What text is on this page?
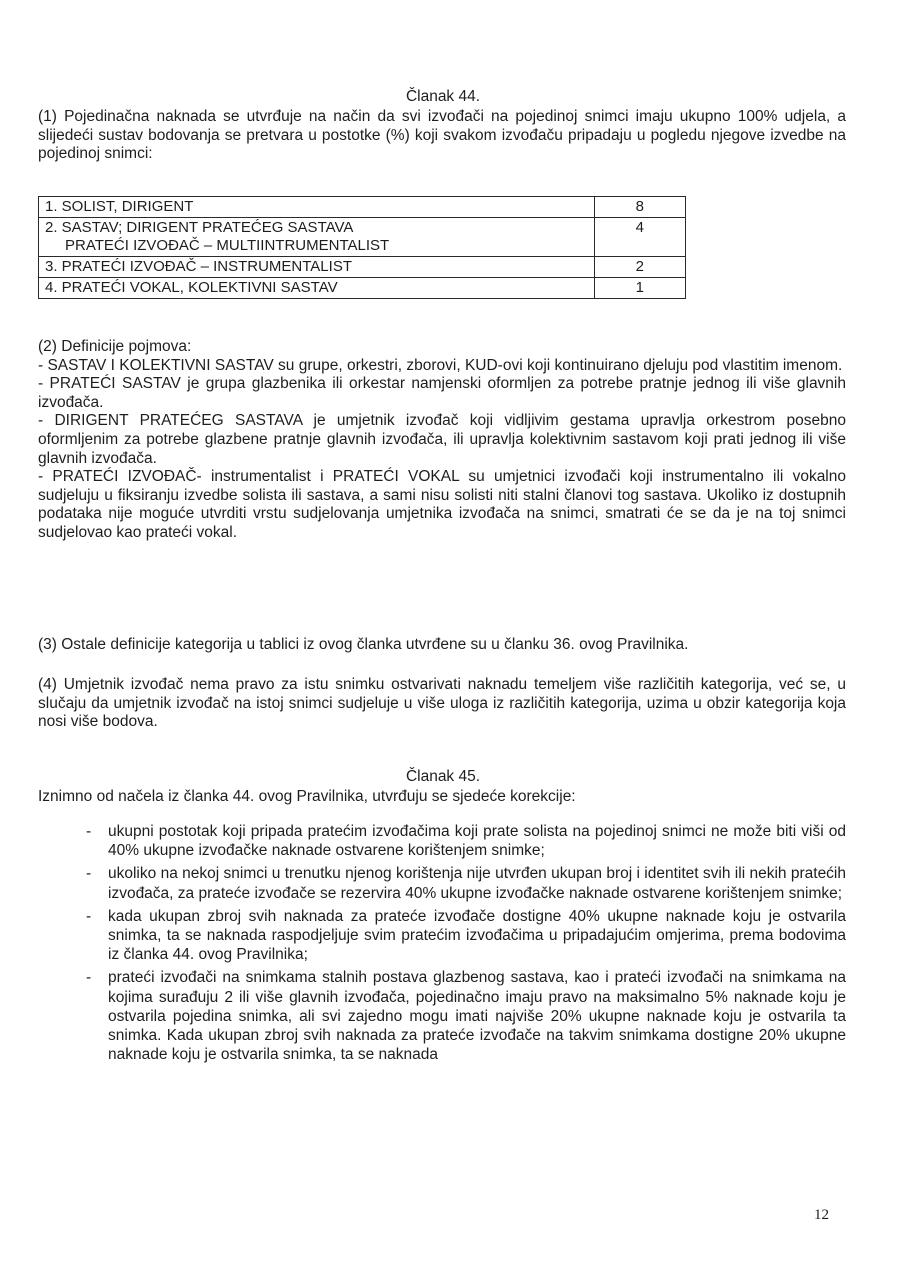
Članak 44.
(1) Pojedinačna naknada se utvrđuje na način da svi izvođači na pojedinoj snimci imaju ukupno 100% udjela, a slijedeći sustav bodovanja se pretvara u postotke (%) koji svakom izvođaču pripadaju u pogledu njegove izvedbe na pojedinoj snimci:
1. SOLIST, DIRIGENT	8

2. SASTAV; DIRIGENT PRATEĆEG SASTAVA
PRATEĆI IZVOĐAČ – MULTIINTRUMENTALIST	4
3. PRATEĆI IZVOĐAČ – INSTRUMENTALIST	2
4. PRATEĆI VOKAL, KOLEKTIVNI SASTAV	1
(2) Definicije pojmova:
- SASTAV I KOLEKTIVNI SASTAV su grupe, orkestri, zborovi, KUD-ovi koji kontinuirano djeluju pod vlastitim imenom.
- PRATEĆI SASTAV je grupa glazbenika ili orkestar namjenski oformljen za potrebe pratnje jednog ili više glavnih izvođača.
- DIRIGENT PRATEĆEG SASTAVA je umjetnik izvođač koji vidljivim gestama upravlja orkestrom posebno oformljenim za potrebe glazbene pratnje glavnih izvođača, ili upravlja kolektivnim sastavom koji prati jednog ili više glavnih izvođača.
- PRATEĆI IZVOĐAČ- instrumentalist i PRATEĆI VOKAL su umjetnici izvođači koji instrumentalno ili vokalno sudjeluju u fiksiranju izvedbe solista ili sastava, a sami nisu solisti niti stalni članovi tog sastava. Ukoliko iz dostupnih podataka nije moguće utvrditi vrstu sudjelovanja umjetnika izvođača na snimci, smatrati će se da je na toj snimci sudjelovao kao prateći vokal.
(3) Ostale definicije kategorija u tablici iz ovog članka utvrđene su u članku 36. ovog Pravilnika.
(4) Umjetnik izvođač nema pravo za istu snimku ostvarivati naknadu temeljem više različitih kategorija, već se, u slučaju da umjetnik izvođač na istoj snimci sudjeluje u više uloga iz različitih kategorija, uzima u obzir kategorija koja nosi više bodova.
Članak 45.
Iznimno od načela iz članka 44. ovog Pravilnika, utvrđuju se sjedeće korekcije:
- ukupni postotak koji pripada pratećim izvođačima koji prate solista na pojedinoj snimci ne može biti viši od 40% ukupne izvođačke naknade ostvarene korištenjem snimke;
- ukoliko na nekoj snimci u trenutku njenog korištenja nije utvrđen ukupan broj i identitet svih ili nekih pratećih izvođača, za prateće izvođače se rezervira 40% ukupne izvođačke naknade ostvarene korištenjem snimke;
- kada ukupan zbroj svih naknada za prateće izvođače dostigne 40% ukupne naknade koju je ostvarila snimka, ta se naknada raspodjeljuje svim pratećim izvođačima u pripadajućim omjerima, prema bodovima iz članka 44. ovog Pravilnika;
- prateći izvođači na snimkama stalnih postava glazbenog sastava, kao i prateći izvođači na snimkama na kojima surađuju 2 ili više glavnih izvođača, pojedinačno imaju pravo na maksimalno 5% naknade koju je ostvarila pojedina snimka, ali svi zajedno mogu imati najviše 20% ukupne naknade koju je ostvarila ta snimka. Kada ukupan zbroj svih naknada za prateće izvođače na takvim snimkama dostigne 20% ukupne naknade koju je ostvarila snimka, ta se naknada
12
